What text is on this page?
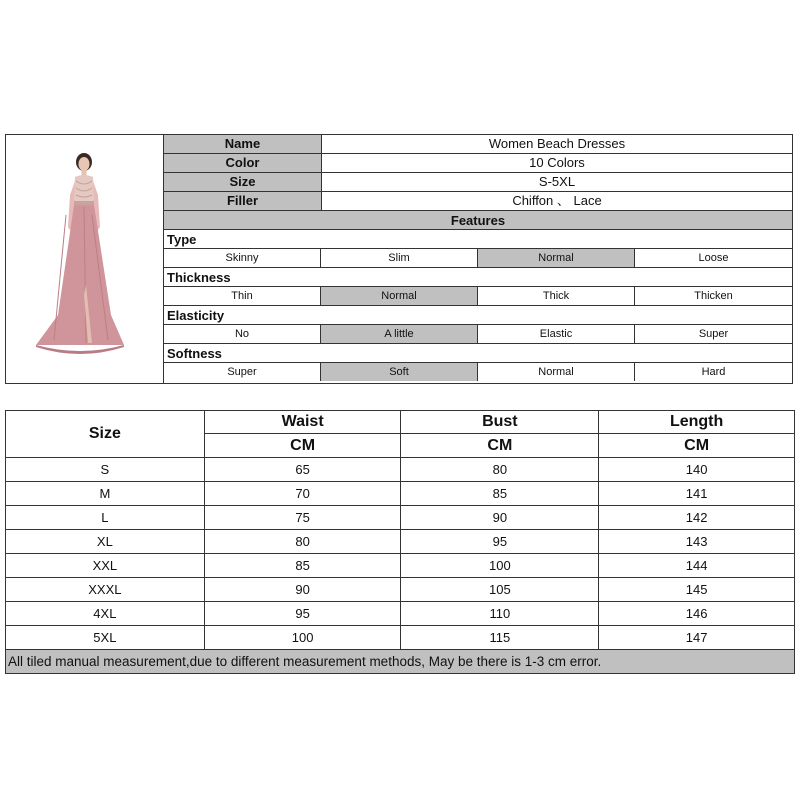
Name	Women Beach Dresses
Color	10 Colors
Size	S-5XL
Filler	Chiffon 、 Lace
Features
Type
Skinny	Slim	Normal	Loose
Thickness
Thin	Normal	Thick	Thicken
Elasticity
No	A little	Elastic	Super
Softness
Super	Soft	Normal	Hard
Size	Waist	Bust	Length
	CM	CM	CM
S	65	80	140
M	70	85	141
L	75	90	142
XL	80	95	143
XXL	85	100	144
XXXL	90	105	145
4XL	95	110	146
5XL	100	115	147
All tiled manual measurement,due to different measurement methods, May be there is 1-3 cm error.			
